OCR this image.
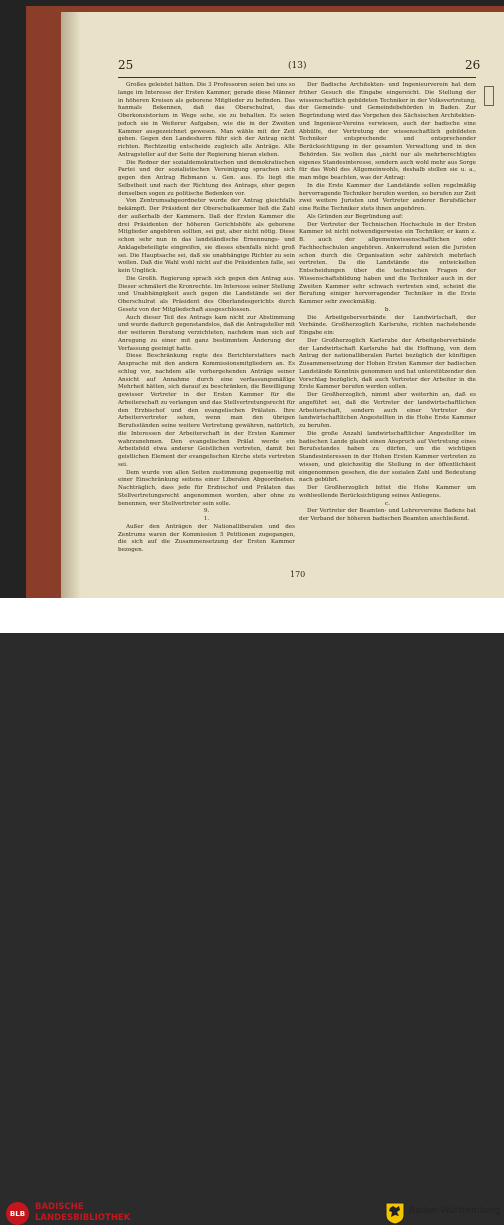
25	(13)	26

Großes geleistet hätten. Die 3 Professoren seien bei uns so lange im Interesse der Ersten Kammer, gerade diese Männer in höheren Kreisen als geborene Mitglieder zu befinden. Das hanmals Bekennen, daß das Oberschulrat, das Oberkonsistorium in Wege sehe, sie zu behalten. Es seien jedoch sie in Weiterer Aufgaben, wie die in der Zweiten Kammer ausgezeichnet gewesen. Man wähle mit der Zeit gehen. Gegen den Landesherrn führ sich der Antrag nicht richten. Rechtzeitig entscheide zugleich alle Anträge. Alle Antragsteller auf der Seite der Regierung hieran stehen.

Die Redner der sozialdemokratischen und demokratischen Partei und der sozialistischen Vereinigung sprachen sich gegen den Antrag Rebmann u. Gen. aus. Es liegt die Selbstheit und nach der Richtung des Antrags, eher gegen denselben sogen zu politische Bedenken vor.

Von Zentrumsabgeordneter wurde der Antrag gleichfalls bekämpft. Der Präsident der Oberschulkammer ließ die Zahl der außerhalb der Kammern. Daß der Ersten Kammer die drei Präsidenten der höheren Gerichtshöfe als geborene Mitglieder angehören sollten, sei gut, aber nicht nötig. Diese schon sehr nun in das landständische Ernennungs- und Anklagebeteiligte eingreifen, sie dieses ebenfalls nicht groß sei. Die Hauptsache sei, daß sie unabhängige Richter zu sein wollen. Daß die Wahl wohl nicht auf die Präsidenten falle, sei kein Unglück.

Die Großh. Regierung sprach sich gegen den Antrag aus. Dieser schmälert die Kronrechte. Im Interesse seiner Stellung und Unabhängigkeit auch gegen die Landstände sei der Oberschulrat als Präsident des Oberlandesgerichts durch Gesetz von der Mitgliedschaft ausgeschlossen.

Auch dieser Teil des Antrags kam nicht zur Abstimmung und wurde dadurch gegenstandslos, daß die Antragsteller mit der weiteren Beratung verzichteten, nachdem man sich auf Anregung zu einer mit ganz bestimmtem Änderung der Verfassung geeinigt hatte.

Diese Beschränkung regte des Berichterstatters nach Ansprache mit den andern Kommissionsmitgliedern an. Es schlug vor, nachdem alle vorhergehenden Anträge seiner Ansicht auf Annahme durch eine verfassungsmäßige Mehrheit hätten, sich darauf zu beschränken, die Bewilligung gewisser Vertreter in der Ersten Kammer für die Arbeiterschaft zu verlangen und das Stellvertretungsrecht für den Erzbischof und den evangelischen Prälaten. Ihre Arbeitervertreter sehen, wenn man den übrigen Berufsständen seine weitere Vertretung gewähren, natürlich, die Interessen der Arbeiterschaft in der Ersten Kammer wahrzunehmen. Den evangelischen Prälat werde ein Arbeitsfeld etwa anderer Geistlichen vertreten, damit bei geistlichen Element der evangelischen Kirche stets vertreten sei.

Dem wurde von allen Seiten zustimmung gegenseitig mit einer Einschränkung seitens einer Liberalen Abgeordneten. Nachträglich, dass jede für Erzbischof und Prälaten das Stellvertretungsrecht angenommen worden, aber ohne zu benennen, wer Stellvertreter sein solle.

9.

1.

Außer den Anträgen der Nationalliberalen und des Zentrums waren der Kommission 5 Petitionen zugegangen, die sich auf die Zusammensetzung der Ersten Kammer bezogen.

Der Badische Architekten- und Ingenieurverein hat dem früher Gesuch die Eingabe eingereicht. Die Stellung der wissenschaftlich gebildeten Techniker in der Volksvertretung, der Gemeinde- und Gemeindebehörden in Baden. Zur Begründung wird das Vorgehen des Sächsischen Architekten- und Ingenieur-Vereins verwiesen, auch der badische eine Abhülfe, der Vertretung der wissenschaftlich gebildeten Techniker entsprechende und entsprechender Berücksichtigung in der gesamten Verwaltung und in den Behörden. Sie wollen das „nicht nur als mehrberechtigtes eigenes Standesinteresse, sondern auch wohl mehr aus Sorge für das Wohl des Allgemeinwohls, deshalb stellen sie u. a., man möge beachten, was der Antrag:

In die Erste Kammer der Landstände sollen regelmäßig hervorragende Techniker berufen werden, so berufen zur Zeit zwei weitere Juristen und Vertreter anderer Berufsfächer eine Reihe Techniker stets ihnen angehören.

Als Gründen zur Begründung auf:

Der Vertreter der Technischen Hochschule in der Ersten Kammer ist nicht notwendigerweise ein Techniker, er kann z. B. auch der allgemeinwissenschaftlichen oder Fachhochschulen angehören. Ankerrufend seien die Juristen schon durch die Organisation sehr zahlreich mehrfach vertreten. Da die Landstände die entwickelten Entscheidungen über die technischen Fragen der Wissenschaftsbildung haben und die Techniker auch in der Zweiten Kammer sehr schwach vertreten sind, scheint die Berufung einiger hervorragender Techniker in die Erste Kammer sehr zweckmäßig.

b.

Die Arbeitgeberverbände der Landwirtschaft, der Verbände. Großherzoglich Karlsruhe, richten nachstehende Eingabe ein:

Der Großherzoglich Karlsruhe der Arbeitgeberverbände der Landwirtschaft Karlsruhe hat die Hoffnung, von dem Antrag der nationalliberalen Partei bezüglich der künftigen Zusammensetzung der Hohen Ersten Kammer der badischen Landstände Kenntnis genommen und hat unterstützender den Vorschlag bezüglich, daß auch Vertreter der Arbeiter in die Erste Kammer berufen werden sollen.

Der Großherzoglich, nimmt aber weiterhin an, daß es angeführt sei, daß die Vertreter der landwirtschaftlichen Arbeiterschaft, sondern auch einer Vertreter der landwirtschaftlichen Angestellten in die Hohe Erste Kammer zu berufen.

Die große Anzahl landwirtschaftlicher Angestellter im badischen Lande glaubt einen Anspruch auf Vertretung eines Berufsstandes haben zu dürfen, um die wichtigen Standesinteressen in der Hohen Ersten Kammer vertreten zu wissen, und gleichzeitig die Stellung in der öffentlichkeit eingenommen gesehen, die der sozialen Zahl und Bedeutung nach gebührt.

Der Großherzoglich bittet die Hohe Kammer um wohlwollende Berücksichtigung seines Anliegens.

c.

Der Vertreter der Beamten- und Lehrervereine Badens hat der Verband der höheren badischen Beamten anschließend.

170
BLB
BADISCHE
LANDESBIBLIOTHEK
Baden-Württemberg
